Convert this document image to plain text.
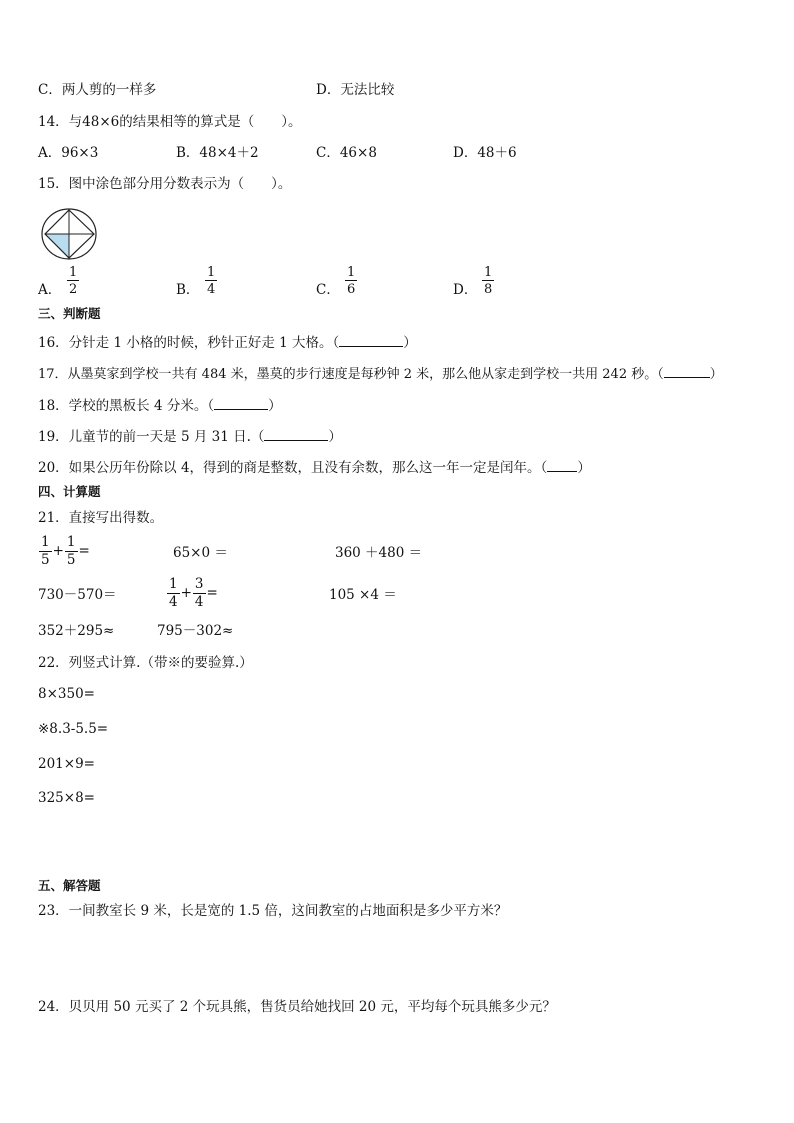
C．两人剪的一样多	D．无法比较
14．与48×6的结果相等的算式是（　　）。
A．96×3	B．48×4＋2	C．46×8	D．48＋6
15．图中涂色部分用分数表示为（　　）。
A． $\frac{1}{2}$	B． $\frac{1}{4}$	C． $\frac{1}{6}$	D． $\frac{1}{8}$
三、判断题
16．分针走 1 小格的时候，秒针正好走 1 大格。（	）
17．从墨莫家到学校一共有 484 米，墨莫的步行速度是每秒钟 2 米，那么他从家走到学校一共用 242 秒。（	）
18．学校的黑板长 4 分米。（	）
19．儿童节的前一天是 5 月 31 日.（	）
20．如果公历年份除以 4，得到的商是整数，且没有余数，那么这一年一定是闰年。（ ）
四、计算题
21．直接写出得数。
$\frac{1}{5} + \frac{1}{5}$ =	65×0 ＝	360 ＋480 ＝
730－570＝	$\frac{1}{4} + \frac{3}{4}$ =	105 ×4 ＝
352＋295≈	795－302≈
22．列竖式计算.（带※的要验算.）
8×350=
※8.3-5.5=
201×9=
325×8=
五、解答题
23．一间教室长 9 米，长是宽的 1.5 倍，这间教室的占地面积是多少平方米？
24．贝贝用 50 元买了 2 个玩具熊，售货员给她找回 20 元，平均每个玩具熊多少元？
